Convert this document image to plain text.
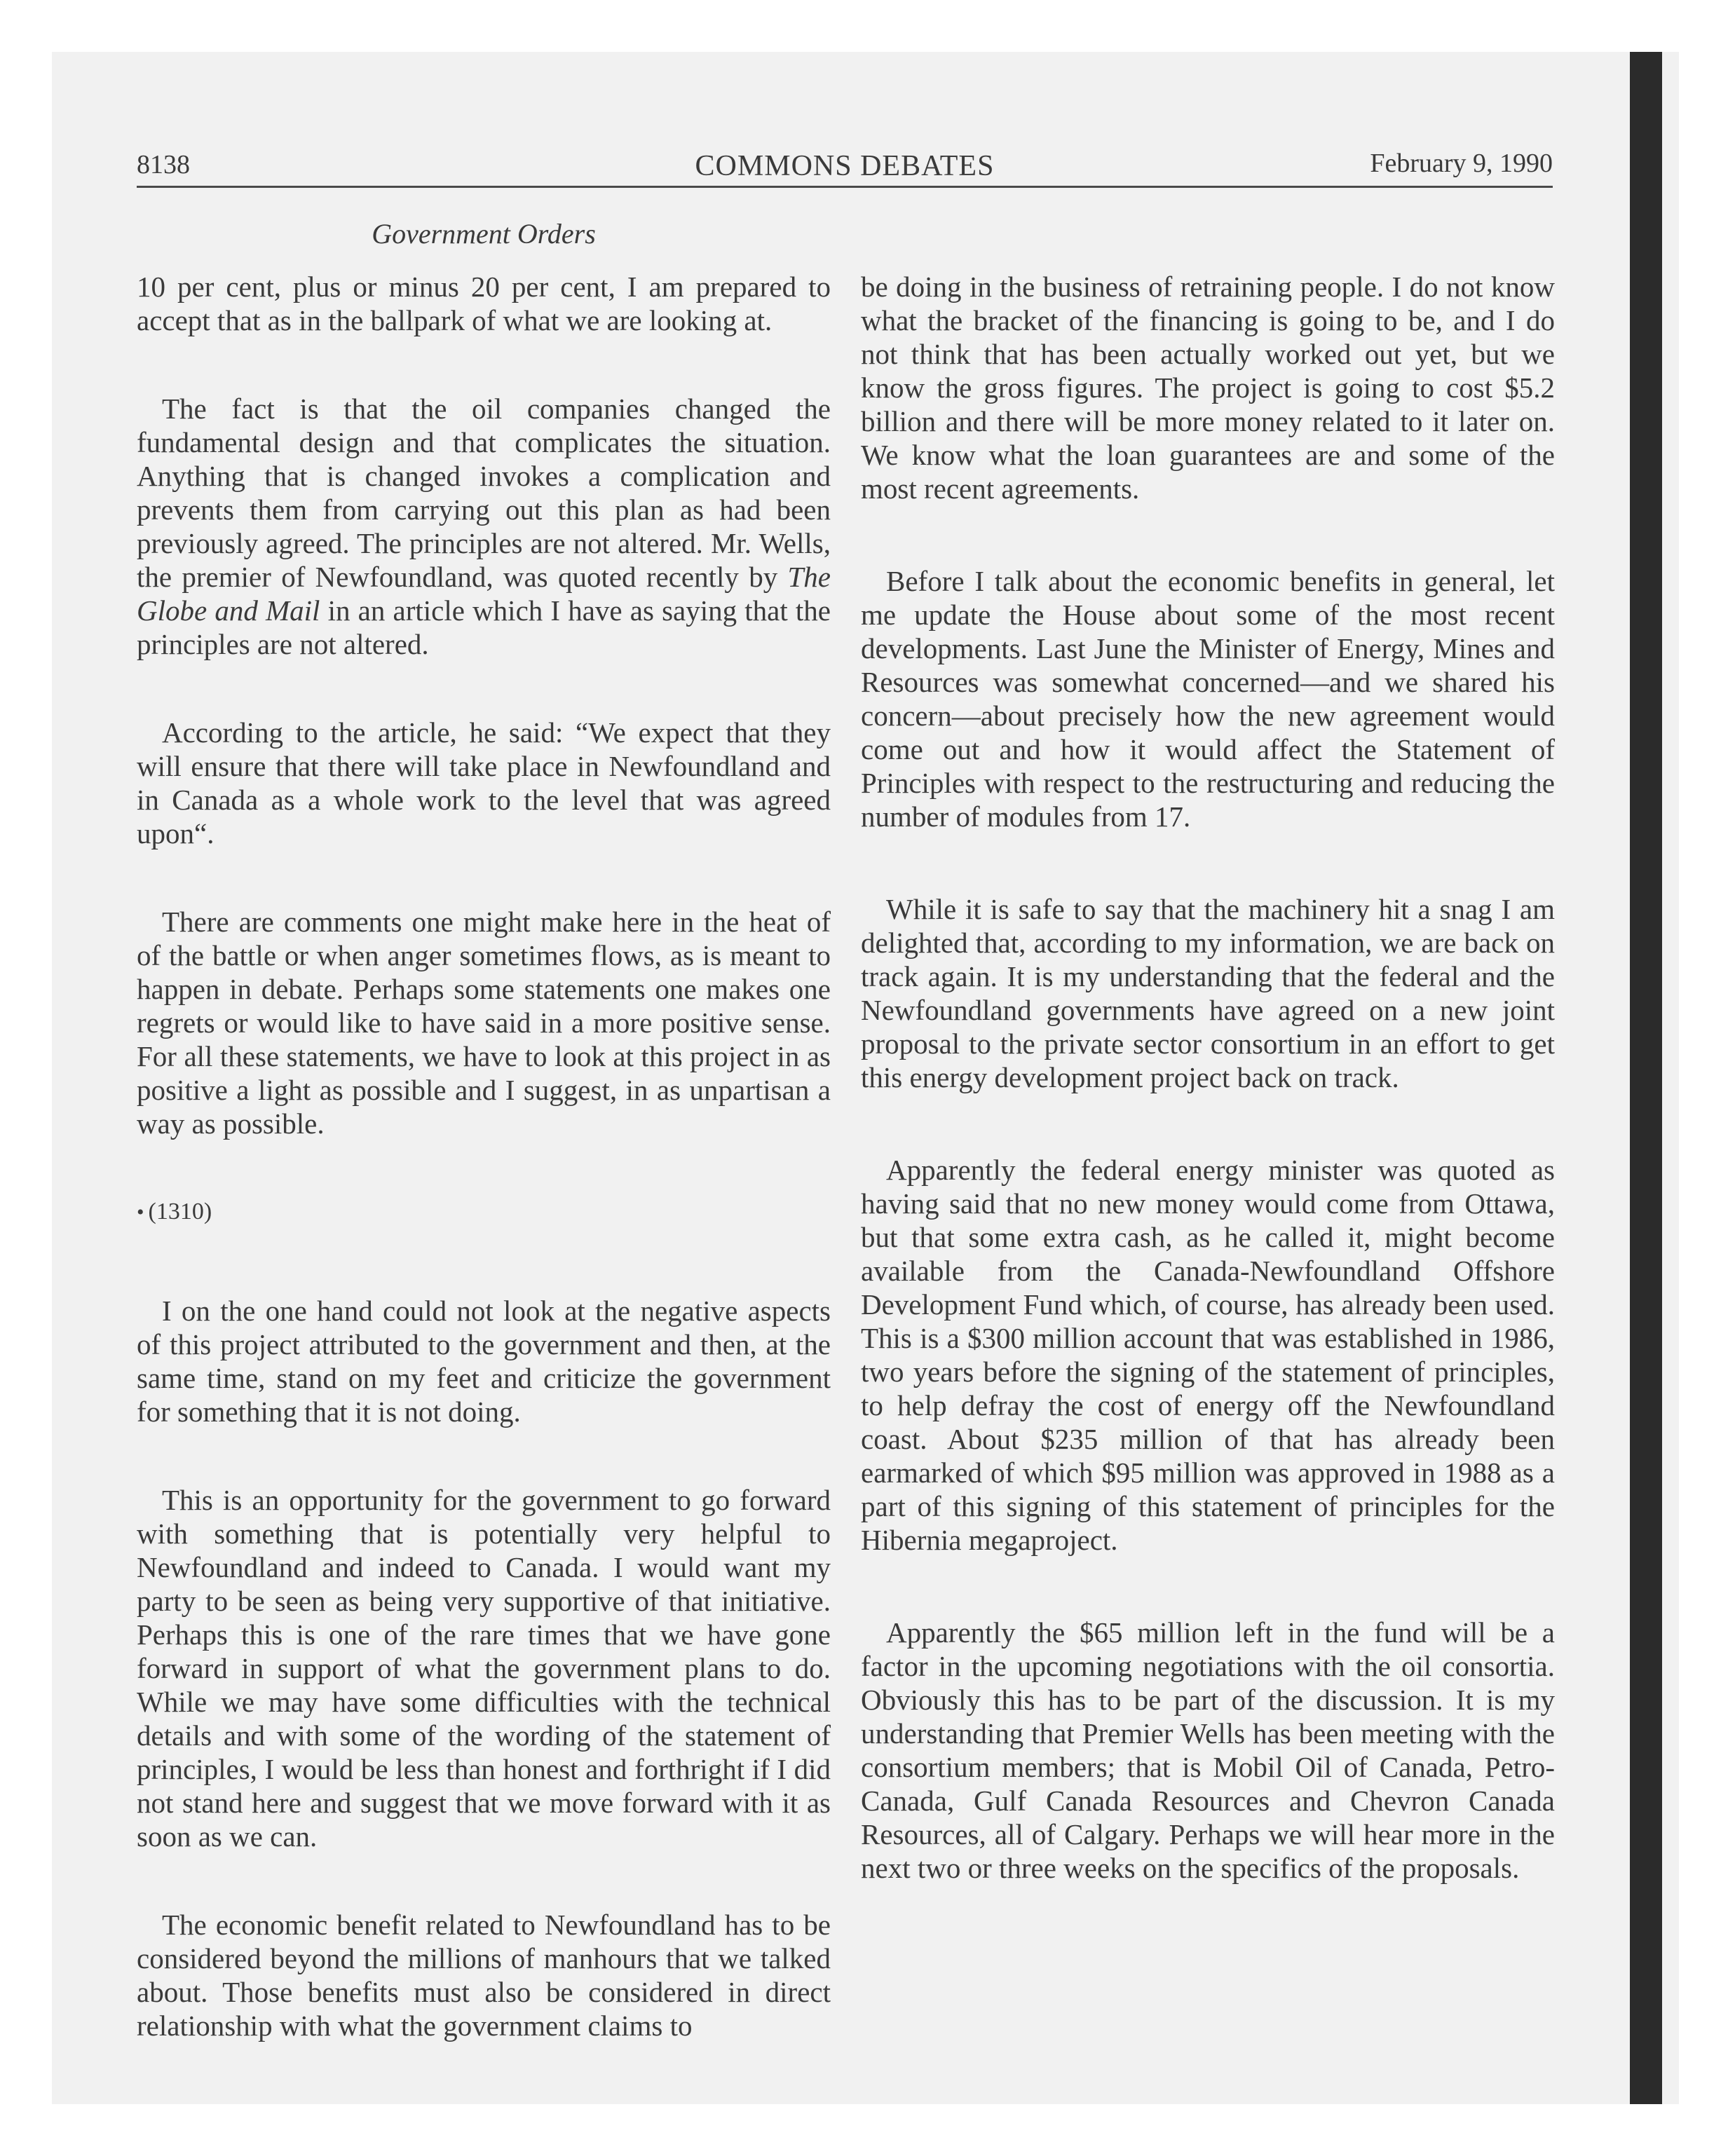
8138	COMMONS DEBATES	February 9, 1990
Government Orders

10 per cent, plus or minus 20 per cent, I am prepared to accept that as in the ballpark of what we are looking at.

The fact is that the oil companies changed the fundamental design and that complicates the situation. Anything that is changed invokes a complication and prevents them from carrying out this plan as had been previously agreed. The principles are not altered. Mr. Wells, the premier of Newfoundland, was quoted recently by The Globe and Mail in an article which I have as saying that the principles are not altered.

According to the article, he said: “We expect that they will ensure that there will take place in Newfoundland and in Canada as a whole work to the level that was agreed upon“.

There are comments one might make here in the heat of of the battle or when anger sometimes flows, as is meant to happen in debate. Perhaps some statements one makes one regrets or would like to have said in a more positive sense. For all these statements, we have to look at this project in as positive a light as possible and I suggest, in as unpartisan a way as possible.

• (1310)

I on the one hand could not look at the negative aspects of this project attributed to the government and then, at the same time, stand on my feet and criticize the government for something that it is not doing.

This is an opportunity for the government to go forward with something that is potentially very helpful to Newfoundland and indeed to Canada. I would want my party to be seen as being very supportive of that initiative. Perhaps this is one of the rare times that we have gone forward in support of what the government plans to do. While we may have some difficulties with the technical details and with some of the wording of the statement of principles, I would be less than honest and forthright if I did not stand here and suggest that we move forward with it as soon as we can.

The economic benefit related to Newfoundland has to be considered beyond the millions of manhours that we talked about. Those benefits must also be considered in direct relationship with what the government claims to

be doing in the business of retraining people. I do not know what the bracket of the financing is going to be, and I do not think that has been actually worked out yet, but we know the gross figures. The project is going to cost $5.2 billion and there will be more money related to it later on. We know what the loan guarantees are and some of the most recent agreements.

Before I talk about the economic benefits in general, let me update the House about some of the most recent developments. Last June the Minister of Energy, Mines and Resources was somewhat concerned—and we shared his concern—about precisely how the new agreement would come out and how it would affect the Statement of Principles with respect to the restructuring and reducing the number of modules from 17.

While it is safe to say that the machinery hit a snag I am delighted that, according to my information, we are back on track again. It is my understanding that the federal and the Newfoundland governments have agreed on a new joint proposal to the private sector consortium in an effort to get this energy development project back on track.

Apparently the federal energy minister was quoted as having said that no new money would come from Ottawa, but that some extra cash, as he called it, might become available from the Canada-Newfoundland Offshore Development Fund which, of course, has already been used. This is a $300 million account that was established in 1986, two years before the signing of the statement of principles, to help defray the cost of energy off the Newfoundland coast. About $235 million of that has already been earmarked of which $95 million was approved in 1988 as a part of this signing of this statement of principles for the Hibernia megaproject.

Apparently the $65 million left in the fund will be a factor in the upcoming negotiations with the oil consortia. Obviously this has to be part of the discussion. It is my understanding that Premier Wells has been meeting with the consortium members; that is Mobil Oil of Canada, Petro-Canada, Gulf Canada Resources and Chevron Canada Resources, all of Calgary. Perhaps we will hear more in the next two or three weeks on the specifics of the proposals.
